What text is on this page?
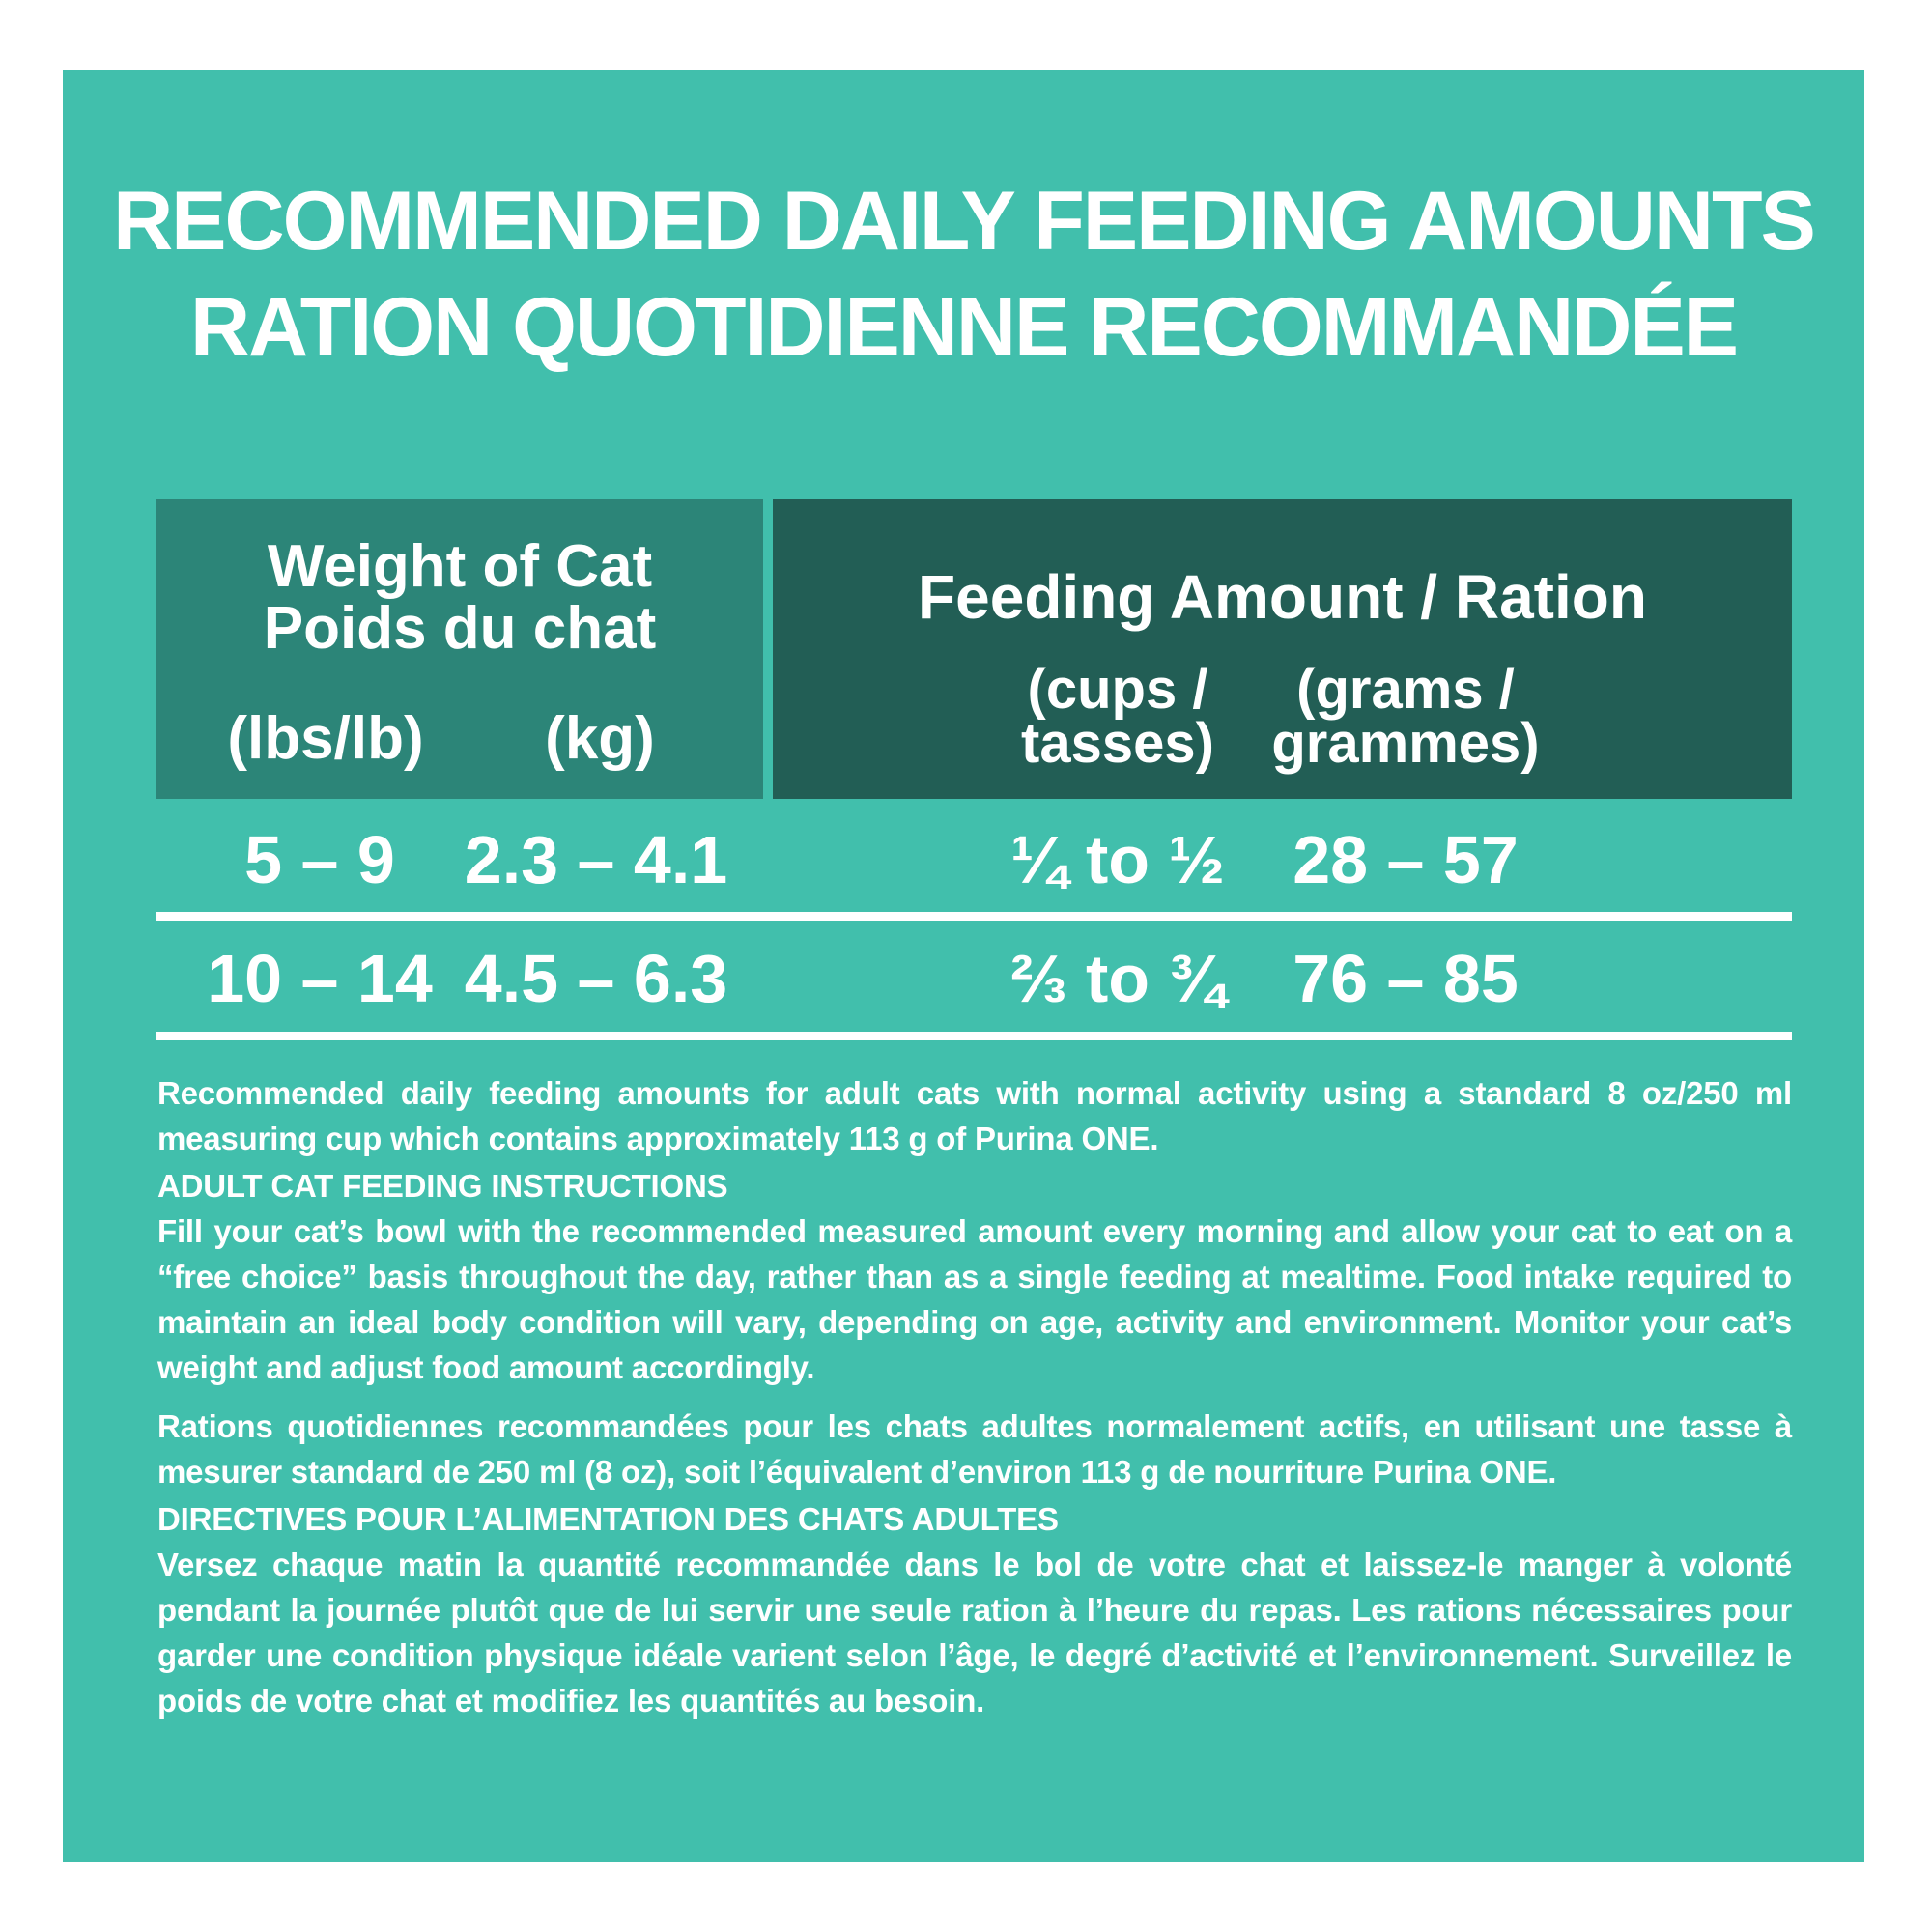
RECOMMENDED DAILY FEEDING AMOUNTS
RATION QUOTIDIENNE RECOMMANDÉE
Weight of Cat
Poids du chat
(lbs/lb) (kg)
Feeding Amount / Ration
(cups /
tasses)
(grams /
grammes)
5 – 9 2.3 – 4.1	¼ to ½ 28 – 57
10 – 14 4.5 – 6.3	⅔ to ¾ 76 – 85

Recommended daily feeding amounts for adult cats with normal activity using a standard 8 oz/250 ml measuring cup which contains approximately 113 g of Purina ONE.

ADULT CAT FEEDING INSTRUCTIONS

Fill your cat’s bowl with the recommended measured amount every morning and allow your cat to eat on a “free choice” basis throughout the day, rather than as a single feeding at mealtime. Food intake required to maintain an ideal body condition will vary, depending on age, activity and environment. Monitor your cat’s weight and adjust food amount accordingly.

Rations quotidiennes recommandées pour les chats adultes normalement actifs, en utilisant une tasse à mesurer standard de 250 ml (8 oz), soit l’équivalent d’environ 113 g de nourriture Purina ONE.

DIRECTIVES POUR L’ALIMENTATION DES CHATS ADULTES

Versez chaque matin la quantité recommandée dans le bol de votre chat et laissez-le manger à volonté pendant la journée plutôt que de lui servir une seule ration à l’heure du repas. Les rations nécessaires pour garder une condition physique idéale varient selon l’âge, le degré d’activité et l’environnement. Surveillez le poids de votre chat et modifiez les quantités au besoin.
